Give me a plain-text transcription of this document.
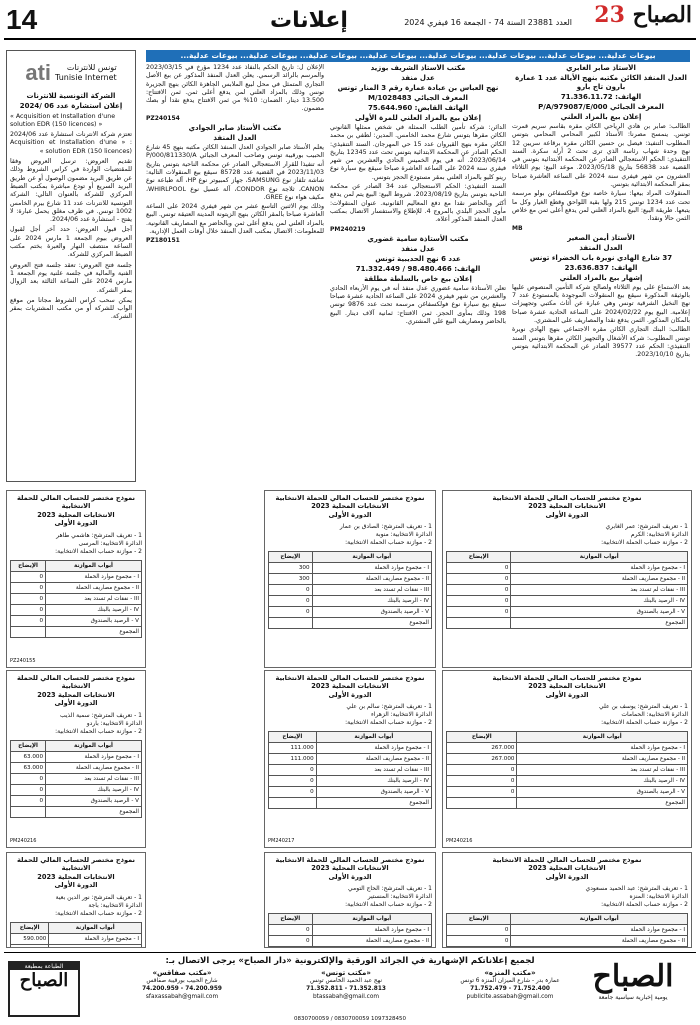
14	إعلانات	العدد 23881 السنة 74 - الجمعة 16 فيفري 2024	الصباح 23
بيوعات عدلية... بيوعات عدلية... بيوعات عدلية... بيوعات عدلية... بيوعات عدلية... بيوعات عدلية... بيوعات عدلية... بيوعات عدلية...

الأستاذ صابر الغابري

العدل المنفذ الكائن مكتبه بنهج الأيالة عدد 1 عمارة بارون تاج بارو

الهاتف: 71.336.11.72

المعرف الجبائي P/A/979087/E/000

إعلان بيع بالمزاد العلني

الطالب: صابر بن هادي الرياحي الكائن مقره بقاسم سريم قمرت تونس. ينمسح مصرنا: الأستاذ لكبير المحامي المحامي بتونس المطلوب التنفيذ: فيصل بن حسين الكائن مقره برقاعة سريين 12 نهج وحدة شهاب رئاسة الذي ترى تحت 2 أرلة سكرة. السند التنفيذي: الحكم الاستعجالي الصادر عن المحكمة الابتدائية بتونس في القضية عدد 56838 بتاريخ 2023/05/18. موعد البيع: يوم الثلاثاء العشرون من شهر فيفري سنة 2024 على الساعة العاشرة صباحا بمقر المحكمة الابتدائية بتونس.

المنقولات المراد بيعها: سيارة خاصة نوع فولكسفاغن بولو مرسمة تحت عدد 1234 تونس 215 ولها بقية اللواحق وقطع الغيار وكل ما يتبعها. طريقة البيع: البيع بالمزاد العلني لمن يدفع أعلى ثمن مع خلاص الثمن حالا ونقدا.

MB

الأستاذ أيمن الصغير

العدل المنفذ

37 شارع الهادي نويرة باب الخضراء تونس

الهاتف: 23.636.837

إشهار بيع بالمزاد العلني

بعد الاستماع على يوم الثلاثاء ولصالح شركة التأمين المنصوص عليها بالوثيقة المذكورة سيقع بيع المنقولات الموجودة بالمستودع عدد 7 نهج النخيل الشرقية تونس وهي عبارة عن أثاث مكتبي وتجهيزات إعلامية. البيع يوم 2024/02/22 على الساعة الحادية عشرة صباحا بالمكان المذكور. الثمن يدفع نقدا والمصاريف على المشتري.

الطالب: البنك التجاري الكائن مقره الاجتماعي بنهج الهادي نويرة تونس المطلوب: شركة الأشغال والتجهيز الكائن مقرها بتونس السند التنفيذي: الحكم عدد 39577 الصادر عن المحكمة الابتدائية بتونس بتاريخ 2023/10/10.

مكتب الأستاذ الشريف بوزيد

عدل منفذ

نهج العباس بن عبادة عمارة رقم 3 المنار تونس

المعرف الجبائي M/1028483

الهاتف القابض: 75.644.960

إعلان بيع بالمزاد العلني للمرة الأولى

الدائن: شركة تأمين الطلب الممثلة في شخص ممثلها القانوني الكائن مقرها بتونس شارع محمد الخامس. المدين: لطفي بن محمد الكائن مقره بنهج القيروان عدد 15 حي المهرجان. السند التنفيذي: الحكم الصادر عن المحكمة الابتدائية بتونس تحت عدد 12345 بتاريخ 2023/06/14. أنه في يوم الخميس الحادي والعشرين من شهر فيفري سنة 2024 على الساعة العاشرة صباحا سيقع بيع سيارة نوع رينو كليو بالمزاد العلني بمقر مستودع الحجز بتونس.

السند التنفيذي: الحكم الاستعجالي عدد 34 الصادر عن محكمة الناحية بتونس بتاريخ 2023/08/19. شروط البيع: البيع يتم لمن يدفع أكثر وبالحاضر نقدا مع دفع المعاليم القانونية. عنوان المنقولات: مأوى الحجز البلدي بالمروج 4. للإطلاع والاستفسار الاتصال بمكتب العدل المنفذ المذكور أعلاه.

PM240219

مكتب الأستاذة سامية غضوري

عدل منفذ

عدد 6 نهج الحديبية تونس

الهاتف: 98.480.466 / 71.332.449

إعلان بيع خاص بالسلطة مطلقة

تعلن الأستاذة سامية غضوري عدل منفذ أنه في يوم الأربعاء الحادي والعشرين من شهر فيفري 2024 على الساعة الحادية عشرة صباحا سيقع بيع سيارة نوع فولكسفاغن مرسمة تحت عدد 9876 تونس 198 وذلك بمأوى الحجز. ثمن الافتتاح: ثمانية آلاف دينار. البيع بالحاضر ومصاريف البيع على المشتري.

الإعلان ل: تاريخ الحكم بالنفاذ عدد 1234 مؤرخ في 2023/03/15 والمرسم بالرائد الرسمي. يعلن العدل المنفذ المذكور عن بيع الأصل التجاري المتمثل في محل لبيع الملابس الجاهزة الكائن بنهج الجزيرة تونس وذلك بالمزاد العلني لمن يدفع أعلى ثمن. ثمن الافتتاح: 13.500 دينار. الضمان: 10% من ثمن الافتتاح يدفع نقدا أو بصك مضمون.

PZ240154

مكتب الأستاذ صابر الجوادي

العدل المنفذ

يعلم الأستاذ صابر الجوادي العدل المنفذ الكائن مكتبه بنهج 45 شارع الحبيب بورقيبة تونس وصاحب المعرف الجبائي P/000/811330/A أنه تنفيذا للقرار الاستعجالي الصادر عن محكمة الناحية بتونس بتاريخ 2023/11/03 في القضية عدد 85728 سيقع بيع المنقولات التالية: شاشة تلفاز نوع SAMSUNG، جهاز كمبيوتر نوع HP، آلة طباعة نوع CANON، ثلاجة نوع CONDOR، آلة غسيل نوع WHIRLPOOL، مكيف هواء نوع GREE.

وذلك يوم الاثنين التاسع عشر من شهر فيفري 2024 على الساعة العاشرة صباحا بالمقر الكائن بنهج الزيتونة المدينة العتيقة تونس. البيع بالمزاد العلني لمن يدفع أعلى ثمن وبالحاضر مع المصاريف القانونية. للمعلومات: الاتصال بمكتب العدل المنفذ خلال أوقات العمل الإدارية.

PZ180151

ati	تونس للانترنات
Tunisie Internet

الشركة التونسية للانترنات

إعلان استشارة عدد 06 /2024

« Acquisition et Installation d'une solution EDR (150 licences) »

تعتزم شركة الانترنات استشارة عدد 2024/06 : « Acquisition et Installation d'une solution EDR (150 licences) »

تقديم العروض: ترسل العروض وفقا للمقتضيات الواردة في كراس الشروط وذلك عن طريق البريد مضمون الوصول أو عن طريق البريد السريع أو تودع مباشرة بمكتب الضبط المركزي للشركة بالعنوان التالي: الشركة التونسية للانترنات عدد 11 شارع بيرم الخامس 1002 تونس. في ظرف مغلق يحمل عبارة: لا يفتح - استشارة عدد 2024/06.

آجل قبول العروض: حدد آخر أجل لقبول العروض بيوم الجمعة 1 مارس 2024 على الساعة منتصف النهار والعبرة بختم مكتب الضبط المركزي للشركة.

جلسة فتح العروض: تعقد جلسة فتح العروض الفنية والمالية في جلسة علنية يوم الجمعة 1 مارس 2024 على الساعة الثالثة بعد الزوال بمقر الشركة.

يمكن سحب كراس الشروط مجانا من موقع الواب للشركة أو من مكتب المشتريات بمقر الشركة.

نموذج مختصر للحساب المالي للحملة الانتخابية
الانتخابات المحلية 2023
الدورة الأولى
1 - تعريف المترشح: هاشمي طاهر
الدائرة الانتخابية: المرسى
2 - موازنة حساب الحملة الانتخابية:
أبواب الموازنة	الإيضاح
I - مجموع موارد الحملة	0
II - مجموع مصاريف الحملة	0
III - نفقات لم تسدد بعد	0
IV - الرصيد بالبنك	0
V - الرصيد بالصندوق	0
المجموع	
PZ240155
نموذج مختصر للحساب المالي للحملة الانتخابية
الانتخابات المحلية 2023
الدورة الأولى
1 - تعريف المترشح: الصادق بن عمار
الدائرة الانتخابية: منوبة
2 - موازنة حساب الحملة الانتخابية:
أبواب الموازنة	الإيضاح
I - مجموع موارد الحملة	300
II - مجموع مصاريف الحملة	300
III - نفقات لم تسدد بعد	0
IV - الرصيد بالبنك	0
V - الرصيد بالصندوق	0
المجموع	
نموذج مختصر للحساب المالي للحملة الانتخابية
الانتخابات المحلية 2023
الدورة الأولى
1 - تعريف المترشح: عمر الغابري
الدائرة الانتخابية: الكرم
2 - موازنة حساب الحملة الانتخابية:
أبواب الموازنة	الإيضاح
I - مجموع موارد الحملة	0
II - مجموع مصاريف الحملة	0
III - نفقات لم تسدد بعد	0
IV - الرصيد بالبنك	0
V - الرصيد بالصندوق	0
المجموع	
نموذج مختصر للحساب المالي للحملة الانتخابية
الانتخابات المحلية 2023
الدورة الأولى
1 - تعريف المترشح: سمية الذيب
الدائرة الانتخابية: باردو
2 - موازنة حساب الحملة الانتخابية:
أبواب الموازنة	الإيضاح
I - مجموع موارد الحملة	63.000
II - مجموع مصاريف الحملة	63.000
III - نفقات لم تسدد بعد	0
IV - الرصيد بالبنك	0
V - الرصيد بالصندوق	0
المجموع	
PM240216
نموذج مختصر للحساب المالي للحملة الانتخابية
الانتخابات المحلية 2023
الدورة الأولى
1 - تعريف المترشح: سالم بن علي
الدائرة الانتخابية: الزهراء
2 - موازنة حساب الحملة الانتخابية:
أبواب الموازنة	الإيضاح
I - مجموع موارد الحملة	111.000
II - مجموع مصاريف الحملة	111.000
III - نفقات لم تسدد بعد	0
IV - الرصيد بالبنك	0
V - الرصيد بالصندوق	0
المجموع	
PM240217
نموذج مختصر للحساب المالي للحملة الانتخابية
الانتخابات المحلية 2023
الدورة الأولى
1 - تعريف المترشح: يوسف بن علي
الدائرة الانتخابية: الحمامات
2 - موازنة حساب الحملة الانتخابية:
أبواب الموازنة	الإيضاح
I - مجموع موارد الحملة	267.000
II - مجموع مصاريف الحملة	267.000
III - نفقات لم تسدد بعد	0
IV - الرصيد بالبنك	0
V - الرصيد بالصندوق	0
المجموع	
PM240216
نموذج مختصر للحساب المالي للحملة الانتخابية
الانتخابات المحلية 2023
الدورة الأولى
1 - تعريف المترشح: نور الدين بعية
الدائرة الانتخابية: باجة
2 - موازنة حساب الحملة الانتخابية:
أبواب الموازنة	الإيضاح
I - مجموع موارد الحملة	590.000

نموذج مختصر للحساب المالي للحملة الانتخابية
الانتخابات المحلية 2023
الدورة الأولى
1 - تعريف المترشح: الحاج التومي
الدائرة الانتخابية: المنستير
2 - موازنة حساب الحملة الانتخابية:
أبواب الموازنة	الإيضاح
I - مجموع موارد الحملة	0
II - مجموع مصاريف الحملة	0

نموذج مختصر للحساب المالي للحملة الانتخابية
الانتخابات المحلية 2023
الدورة الأولى
1 - تعريف المترشح: عبد الحميد مسعودي
الدائرة الانتخابية: المنزه
2 - موازنة حساب الحملة الانتخابية:
أبواب الموازنة	الإيضاح
I - مجموع موارد الحملة	0
II - مجموع مصاريف الحملة	0

الصباح
يومية إخبارية سياسية جامعة
لجميع إعلاناتكم الإشهارية في الجرائد الورقية والإلكترونية «دار الصباح» يرجى الاتصال بـ:
«مكتب المنزه»
عمارة بدر - شارع الميزان المنزه 6 تونس
71.752.479 - 71.752.400
publicite.assabah@gmail.com
«مكتب تونس»
نهج عبد الحميد الخامس تونس
71.352.811 - 71.352.813
btassabah@gmail.com
«مكتب صفاقس»
شارع الحبيب بورقيبة صفاقس
74.200.959 - 74.200.959
sfaxassabah@gmail.com
الطباعة بمطبعة
الصباح
0830700059 / 0830700059 1097328450
